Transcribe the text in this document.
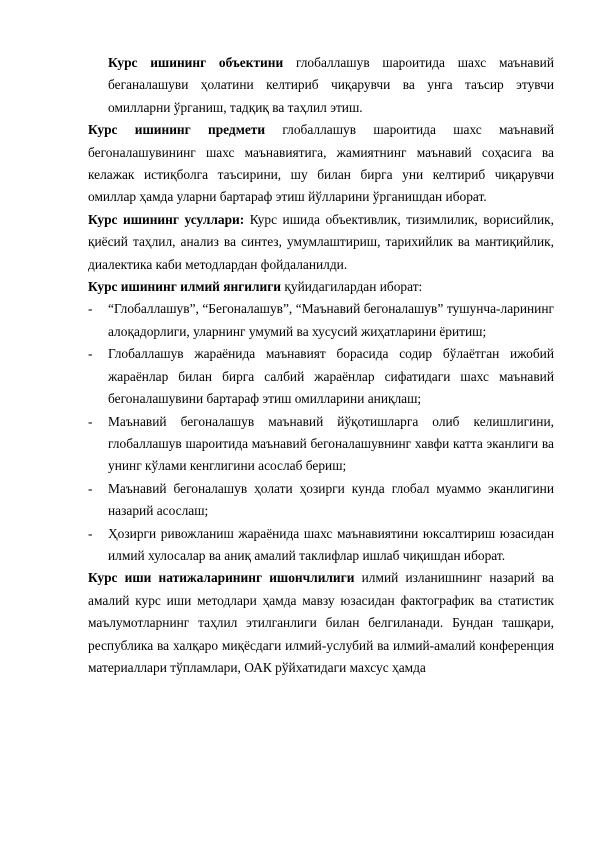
Курс ишининг объектини глобаллашув шароитида шахс маънавий беганалашуви ҳолатини келтириб чиқарувчи ва унга таъсир этувчи омилларни ўрганиш, тадқиқ ва таҳлил этиш.

Курс ишининг предмети глобаллашув шароитида шахс маънавий бегоналашувининг шахс маънавиятига, жамиятнинг маънавий соҳасига ва келажак истиқболга таъсирини, шу билан бирга уни келтириб чиқарувчи омиллар ҳамда уларни бартараф этиш йўлларини ўрганишдан иборат.

Курс ишининг усуллари: Курс ишида объективлик, тизимлилик, ворисийлик, қиёсий таҳлил, анализ ва синтез, умумлаштириш, тарихийлик ва мантиқийлик, диалектика каби методлардан фойдаланилди.

Курс ишининг илмий янгилиги қуйидагилардан иборат:

- “Глобаллашув”, “Бегоналашув”, “Маънавий бегоналашув” тушунча-ларининг алоқадорлиги, уларнинг умумий ва хусусий жиҳатларини ёритиш;

- Глобаллашув жараёнида маънавият борасида содир бўлаётган ижобий жараёнлар билан бирга салбий жараёнлар сифатидаги шахс маънавий бегоналашувини бартараф этиш омилларини аниқлаш;

- Маънавий бегоналашув маънавий йўқотишларга олиб келишлигини, глобаллашув шароитида маънавий бегоналашувнинг хавфи катта эканлиги ва унинг кўлами кенглигини асослаб бериш;

- Маънавий бегоналашув ҳолати ҳозирги кунда глобал муаммо эканлигини назарий асослаш;

- Ҳозирги ривожланиш жараёнида шахс маънавиятини юксалтириш юзасидан илмий хулосалар ва аниқ амалий таклифлар ишлаб чиқишдан иборат.

Курс иши натижаларининг ишончлилиги илмий изланишнинг назарий ва амалий курс иши методлари ҳамда мавзу юзасидан фактографик ва статистик маълумотларнинг таҳлил этилганлиги билан белгиланади. Бундан ташқари, республика ва халқаро миқёсдаги илмий-услубий ва илмий-амалий конференция материаллари тўпламлари, ОАК рўйхатидаги махсус ҳамда
